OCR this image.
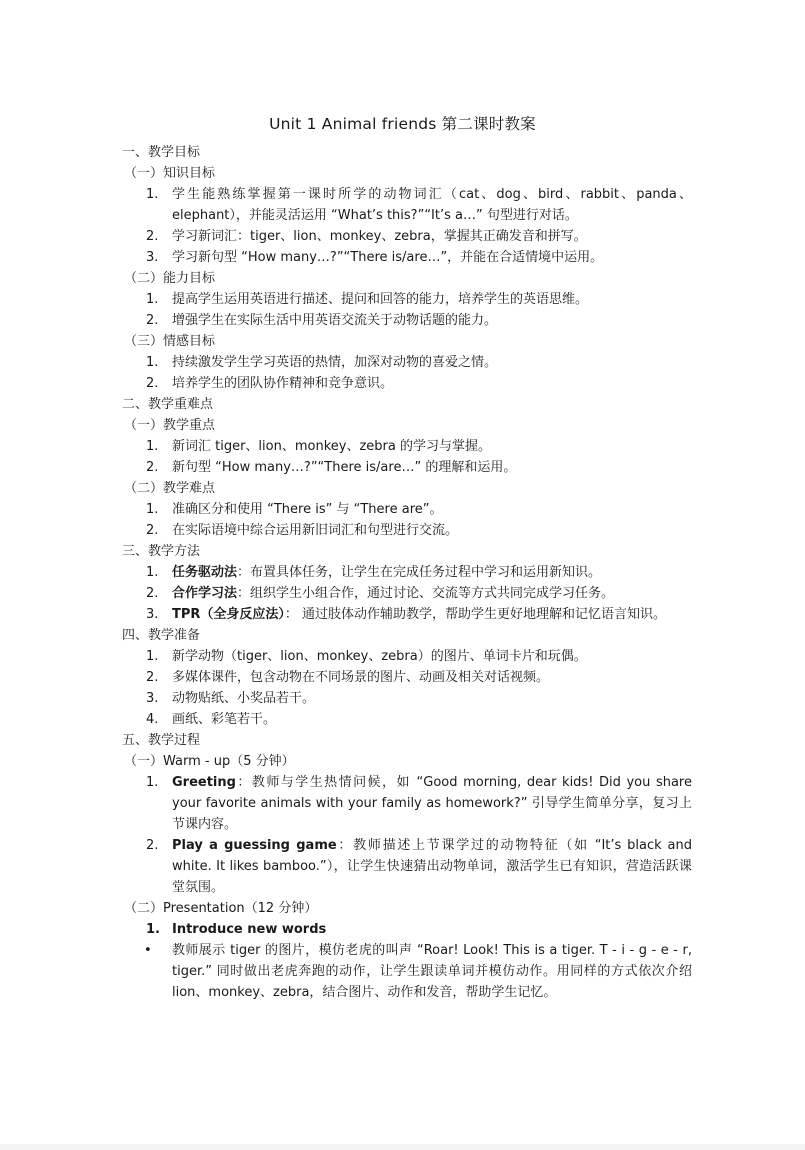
Unit 1 Animal friends 第二课时教案
一、教学目标
（一）知识目标
1.	学生能熟练掌握第一课时所学的动物词汇（cat、dog、bird、rabbit、panda、elephant），并能灵活运用 “What’s this?”“It’s a…” 句型进行对话。
2.	学习新词汇：tiger、lion、monkey、zebra，掌握其正确发音和拼写。
3.	学习新句型 “How many…?”“There is/are…”，并能在合适情境中运用。
（二）能力目标
1.	提高学生运用英语进行描述、提问和回答的能力，培养学生的英语思维。
2.	增强学生在实际生活中用英语交流关于动物话题的能力。
（三）情感目标
1.	持续激发学生学习英语的热情，加深对动物的喜爱之情。
2.	培养学生的团队协作精神和竞争意识。
二、教学重难点
（一）教学重点
1.	新词汇 tiger、lion、monkey、zebra 的学习与掌握。
2.	新句型 “How many…?”“There is/are…” 的理解和运用。
（二）教学难点
1.	准确区分和使用 “There is” 与 “There are”。
2.	在实际语境中综合运用新旧词汇和句型进行交流。
三、教学方法
1.	任务驱动法：布置具体任务，让学生在完成任务过程中学习和运用新知识。
2.	合作学习法：组织学生小组合作，通过讨论、交流等方式共同完成学习任务。
3.	TPR（全身反应法）： 通过肢体动作辅助教学，帮助学生更好地理解和记忆语言知识。
四、教学准备
1.	新学动物（tiger、lion、monkey、zebra）的图片、单词卡片和玩偶。
2.	多媒体课件，包含动物在不同场景的图片、动画及相关对话视频。
3.	动物贴纸、小奖品若干。
4.	画纸、彩笔若干。
五、教学过程
（一）Warm - up（5 分钟）
1.	Greeting：教师与学生热情问候，如 “Good morning, dear kids! Did you share your favorite animals with your family as homework?” 引导学生简单分享，复习上节课内容。
2.	Play a guessing game：教师描述上节课学过的动物特征（如 “It’s black and white. It likes bamboo.”），让学生快速猜出动物单词，激活学生已有知识，营造活跃课堂氛围。
（二）Presentation（12 分钟）
1. Introduce new words
•	教师展示 tiger 的图片，模仿老虎的叫声 “Roar! Look! This is a tiger. T - i - g - e - r, tiger.” 同时做出老虎奔跑的动作，让学生跟读单词并模仿动作。用同样的方式依次介绍 lion、monkey、zebra，结合图片、动作和发音，帮助学生记忆。
